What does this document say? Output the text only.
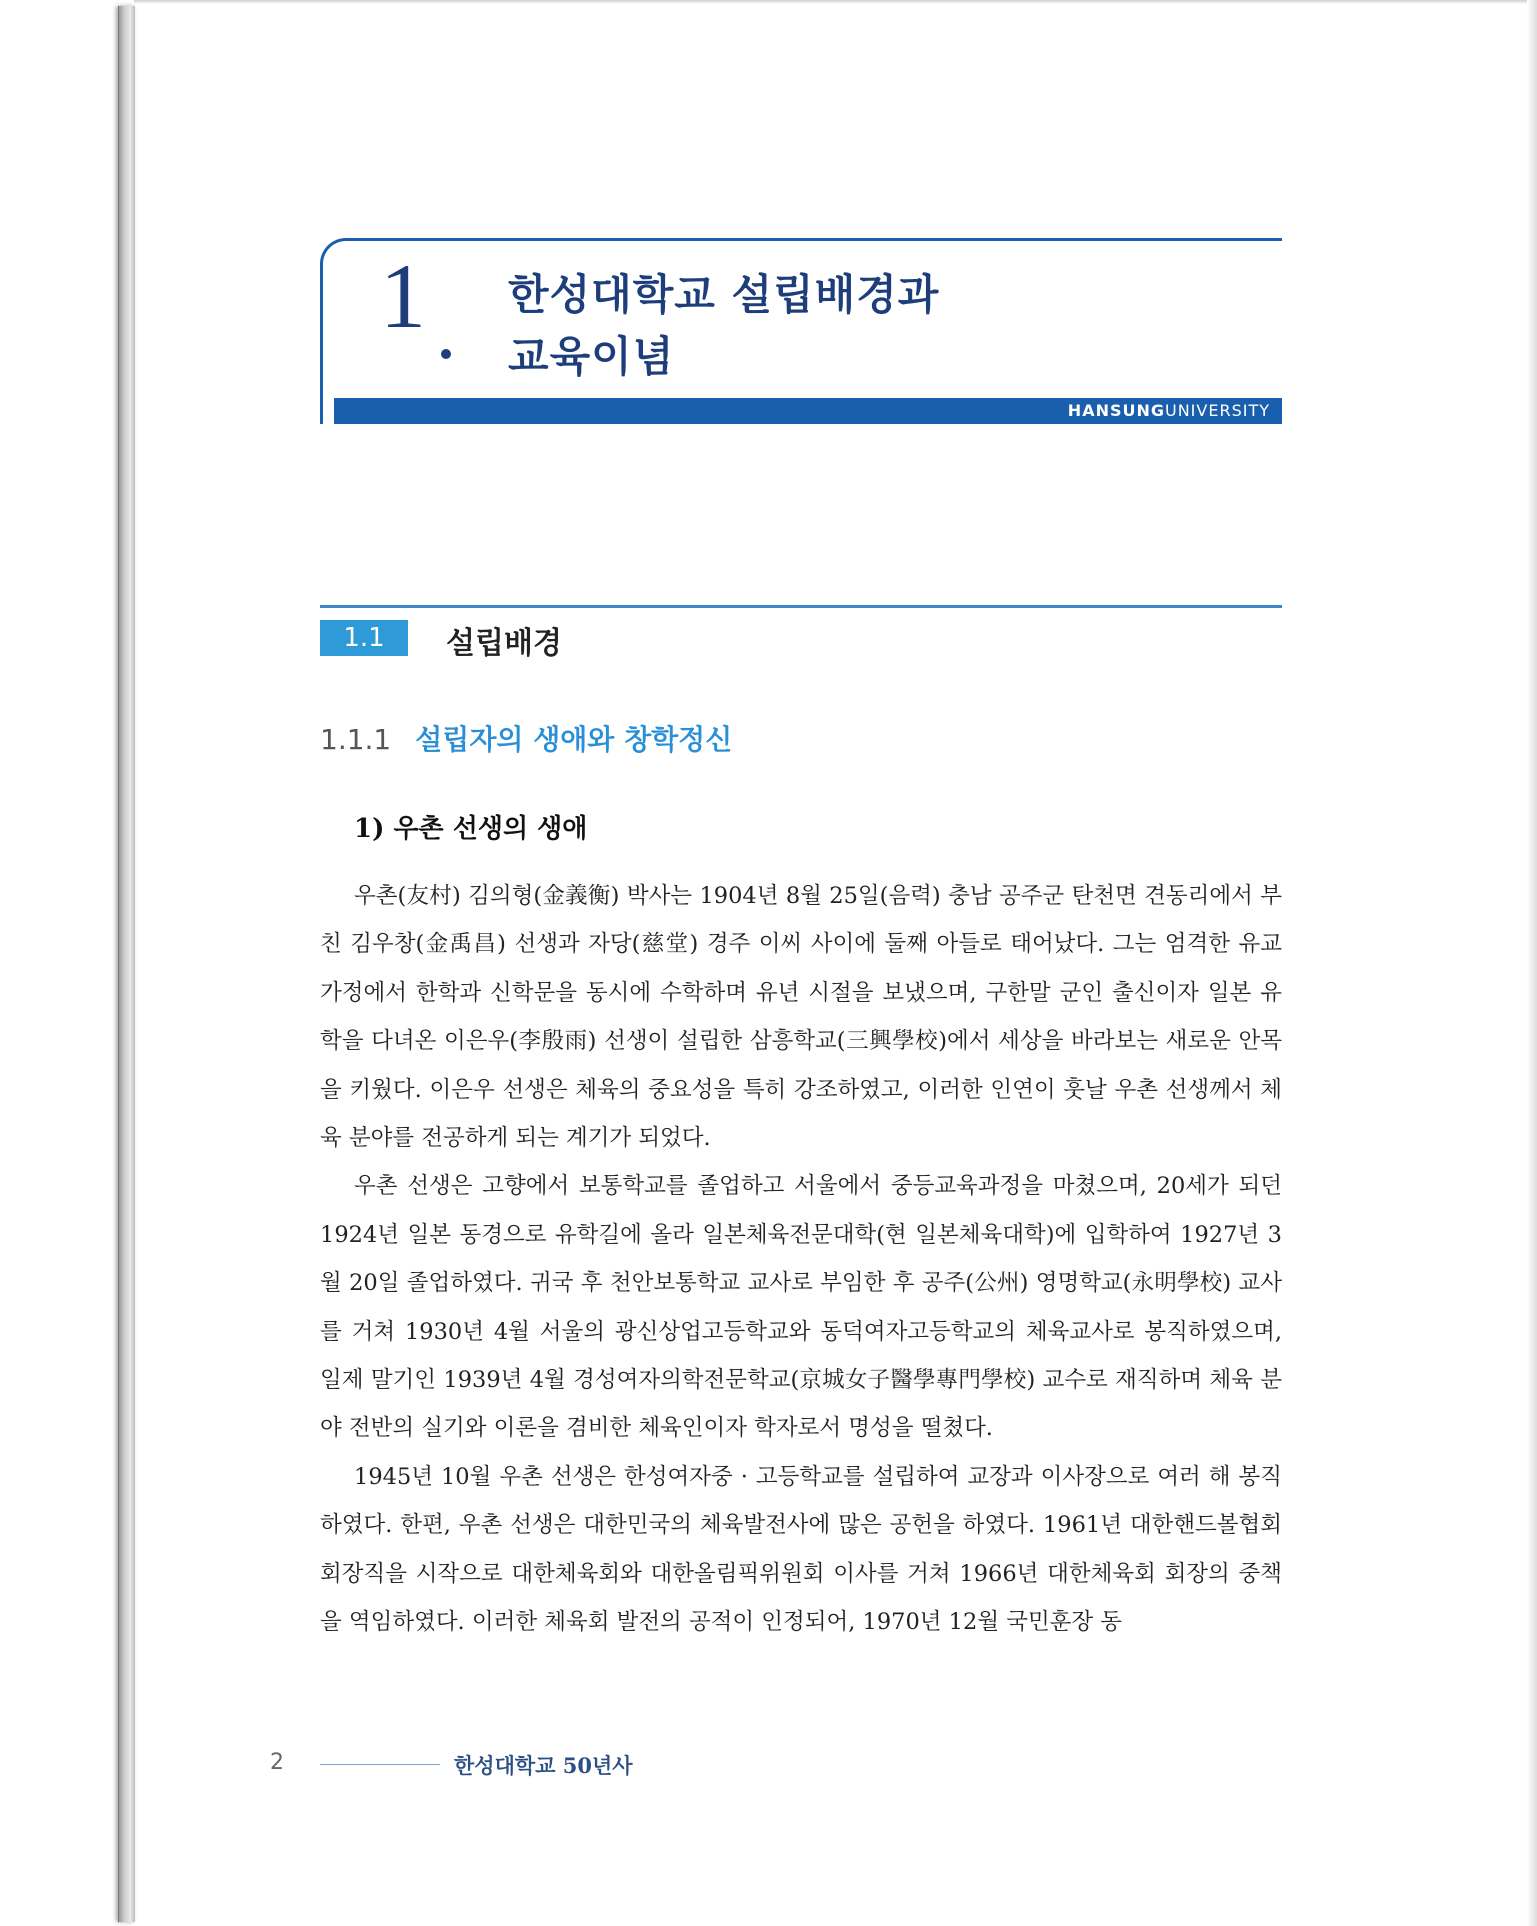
1 한성대학교 설립배경과
교육이념
HANSUNGUNIVERSITY
1.1	설립배경
1.1.1 설립자의 생애와 창학정신
1) 우촌 선생의 생애

우촌(友村) 김의형(金義衡) 박사는 1904년 8월 25일(음력) 충남 공주군 탄천면 견동리에서 부친 김우창(金禹昌) 선생과 자당(慈堂) 경주 이씨 사이에 둘째 아들로 태어났다. 그는 엄격한 유교 가정에서 한학과 신학문을 동시에 수학하며 유년 시절을 보냈으며, 구한말 군인 출신이자 일본 유학을 다녀온 이은우(李殷雨) 선생이 설립한 삼흥학교(三興學校)에서 세상을 바라보는 새로운 안목을 키웠다. 이은우 선생은 체육의 중요성을 특히 강조하였고, 이러한 인연이 훗날 우촌 선생께서 체육 분야를 전공하게 되는 계기가 되었다.

우촌 선생은 고향에서 보통학교를 졸업하고 서울에서 중등교육과정을 마쳤으며, 20세가 되던 1924년 일본 동경으로 유학길에 올라 일본체육전문대학(현 일본체육대학)에 입학하여 1927년 3월 20일 졸업하였다. 귀국 후 천안보통학교 교사로 부임한 후 공주(公州) 영명학교(永明學校) 교사를 거쳐 1930년 4월 서울의 광신상업고등학교와 동덕여자고등학교의 체육교사로 봉직하였으며, 일제 말기인 1939년 4월 경성여자의학전문학교(京城女子醫學專門學校) 교수로 재직하며 체육 분야 전반의 실기와 이론을 겸비한 체육인이자 학자로서 명성을 떨쳤다.

1945년 10월 우촌 선생은 한성여자중 · 고등학교를 설립하여 교장과 이사장으로 여러 해 봉직하였다. 한편, 우촌 선생은 대한민국의 체육발전사에 많은 공헌을 하였다. 1961년 대한핸드볼협회 회장직을 시작으로 대한체육회와 대한올림픽위원회 이사를 거쳐 1966년 대한체육회 회장의 중책을 역임하였다. 이러한 체육회 발전의 공적이 인정되어, 1970년 12월 국민훈장 동

2	한성대학교 50년사
